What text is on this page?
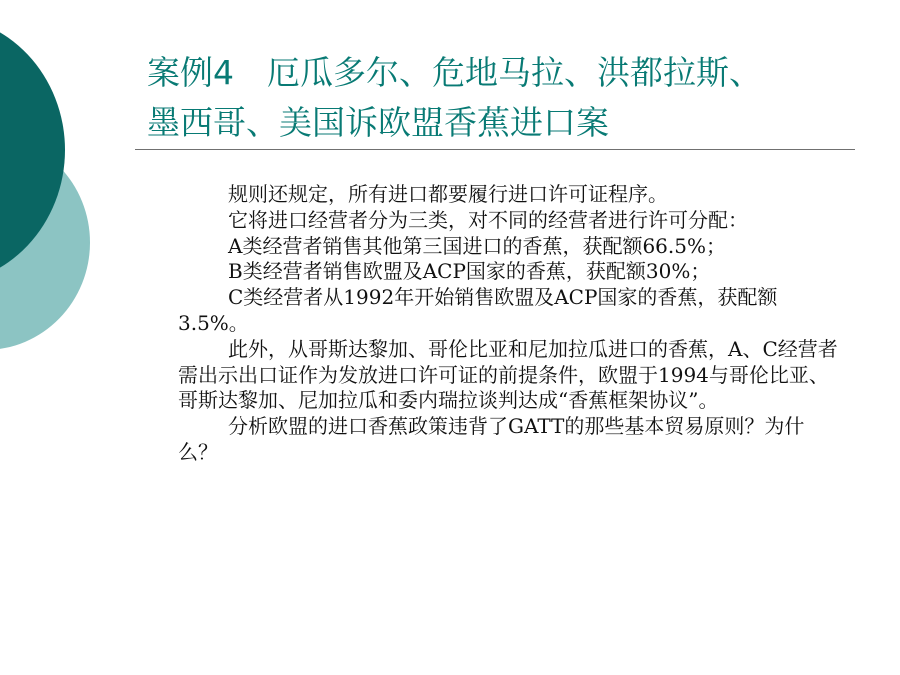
案例4　厄瓜多尔、危地马拉、洪都拉斯、
墨西哥、美国诉欧盟香蕉进口案

规则还规定，所有进口都要履行进口许可证程序。

它将进口经营者分为三类，对不同的经营者进行许可分配：

A类经营者销售其他第三国进口的香蕉，获配额66.5%；

B类经营者销售欧盟及ACP国家的香蕉，获配额30%；

C类经营者从1992年开始销售欧盟及ACP国家的香蕉，获配额3.5%。

此外，从哥斯达黎加、哥伦比亚和尼加拉瓜进口的香蕉，A、C经营者需出示出口证作为发放进口许可证的前提条件，欧盟于1994与哥伦比亚、哥斯达黎加、尼加拉瓜和委内瑞拉谈判达成“香蕉框架协议”。

分析欧盟的进口香蕉政策违背了GATT的那些基本贸易原则？为什么？
